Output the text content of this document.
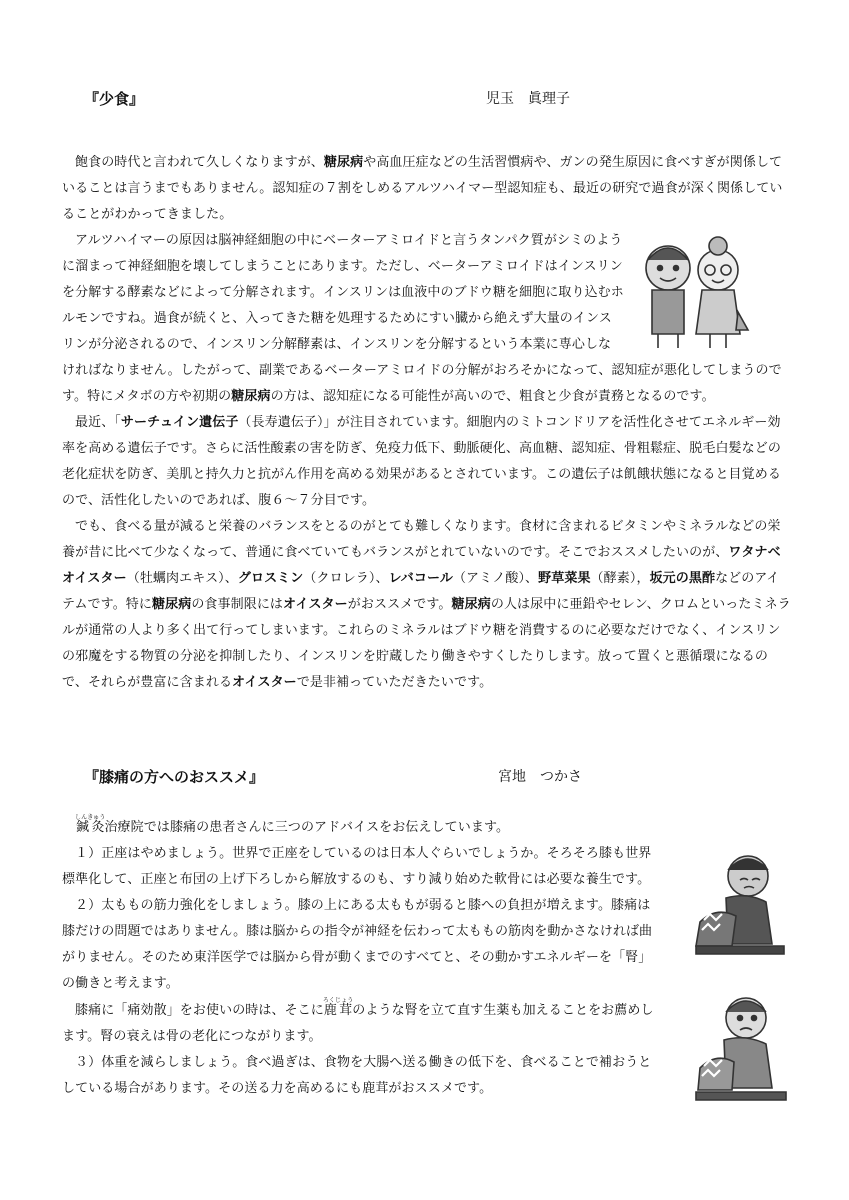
『少食』	児玉　眞理子

飽食の時代と言われて久しくなりますが、糖尿病や高血圧症などの生活習慣病や、ガンの発生原因に食べすぎが関係していることは言うまでもありません。認知症の７割をしめるアルツハイマー型認知症も、最近の研究で過食が深く関係していることがわかってきました。

アルツハイマーの原因は脳神経細胞の中にベーターアミロイドと言うタンパク質がシミのように溜まって神経細胞を壊してしまうことにあります。ただし、ベーターアミロイドはインスリンを分解する酵素などによって分解されます。インスリンは血液中のブドウ糖を細胞に取り込むホルモンですね。過食が続くと、入ってきた糖を処理するためにすい臓から絶えず大量のインスリンが分泌されるので、インスリン分解酵素は、インスリンを分解するという本業に専心しなければなりません。したがって、副業であるベーターアミロイドの分解がおろそかになって、認知症が悪化してしまうのです。特にメタボの方や初期の糖尿病の方は、認知症になる可能性が高いので、粗食と少食が責務となるのです。

最近、「サーチュイン遺伝子（長寿遺伝子）」が注目されています。細胞内のミトコンドリアを活性化させてエネルギー効率を高める遺伝子です。さらに活性酸素の害を防ぎ、免疫力低下、動脈硬化、高血糖、認知症、骨粗鬆症、脱毛白髪などの老化症状を防ぎ、美肌と持久力と抗がん作用を高める効果があるとされています。この遺伝子は飢餓状態になると目覚めるので、活性化したいのであれば、腹６～７分目です。

でも、食べる量が減ると栄養のバランスをとるのがとても難しくなります。食材に含まれるビタミンやミネラルなどの栄養が昔に比べて少なくなって、普通に食べていてもバランスがとれていないのです。そこでおススメしたいのが、ワタナベオイスター（牡蠣肉エキス）、グロスミン（クロレラ）、レバコール（アミノ酸）、野草菜果（酵素），坂元の黒酢などのアイテムです。特に糖尿病の食事制限にはオイスターがおススメです。糖尿病の人は尿中に亜鉛やセレン、クロムといったミネラルが通常の人より多く出て行ってしまいます。これらのミネラルはブドウ糖を消費するのに必要なだけでなく、インスリンの邪魔をする物質の分泌を抑制したり、インスリンを貯蔵したり働きやすくしたりします。放って置くと悪循環になるので、それらが豊富に含まれるオイスターで是非補っていただきたいです。

『膝痛の方へのおススメ』	宮地　つかさ

鍼灸しんきゅう治療院では膝痛の患者さんに三つのアドバイスをお伝えしています。

１）正座はやめましょう。世界で正座をしているのは日本人ぐらいでしょうか。そろそろ膝も世界標準化して、正座と布団の上げ下ろしから解放するのも、すり減り始めた軟骨には必要な養生です。

２）太ももの筋力強化をしましょう。膝の上にある太ももが弱ると膝への負担が増えます。膝痛は膝だけの問題ではありません。膝は脳からの指令が神経を伝わって太ももの筋肉を動かさなければ曲がりません。そのため東洋医学では脳から骨が動くまでのすべてと、その動かすエネルギーを「腎」の働きと考えます。

膝痛に「痛効散」をお使いの時は、そこに鹿茸ろくじょうのような腎を立て直す生薬も加えることをお薦めします。腎の衰えは骨の老化につながります。

３）体重を減らしましょう。食べ過ぎは、食物を大腸へ送る働きの低下を、食べることで補おうとしている場合があります。その送る力を高めるにも鹿茸がおススメです。
